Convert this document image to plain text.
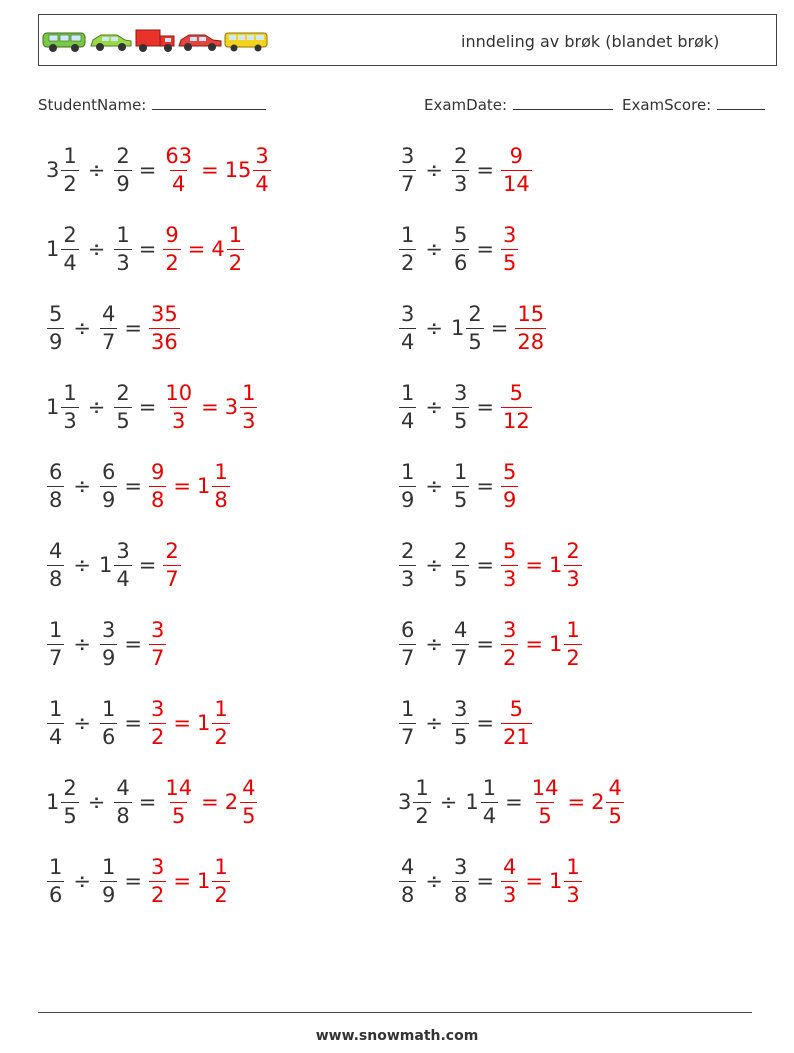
inndeling av brøk (blandet brøk)
StudentName:	ExamDate:	ExamScore:
$3 \frac{1}{2} \div \frac{2}{9} = \frac{63}{4} = 15 \frac{3}{4}$	$\frac{3}{7} \div \frac{2}{3} = \frac{9}{14}$
$1 \frac{2}{4} \div \frac{1}{3} = \frac{9}{2} = 4 \frac{1}{2}$	$\frac{1}{2} \div \frac{5}{6} = \frac{3}{5}$
$\frac{5}{9} \div \frac{4}{7} = \frac{35}{36}$	$\frac{3}{4} \div 1 \frac{2}{5} = \frac{15}{28}$
$1 \frac{1}{3} \div \frac{2}{5} = \frac{10}{3} = 3 \frac{1}{3}$	$\frac{1}{4} \div \frac{3}{5} = \frac{5}{12}$
$\frac{6}{8} \div \frac{6}{9} = \frac{9}{8} = 1 \frac{1}{8}$	$\frac{1}{9} \div \frac{1}{5} = \frac{5}{9}$
$\frac{4}{8} \div 1 \frac{3}{4} = \frac{2}{7}$	$\frac{2}{3} \div \frac{2}{5} = \frac{5}{3} = 1 \frac{2}{3}$
$\frac{1}{7} \div \frac{3}{9} = \frac{3}{7}$	$\frac{6}{7} \div \frac{4}{7} = \frac{3}{2} = 1 \frac{1}{2}$
$\frac{1}{4} \div \frac{1}{6} = \frac{3}{2} = 1 \frac{1}{2}$	$\frac{1}{7} \div \frac{3}{5} = \frac{5}{21}$
$1 \frac{2}{5} \div \frac{4}{8} = \frac{14}{5} = 2 \frac{4}{5}$	$3 \frac{1}{2} \div 1 \frac{1}{4} = \frac{14}{5} = 2 \frac{4}{5}$
$\frac{1}{6} \div \frac{1}{9} = \frac{3}{2} = 1 \frac{1}{2}$	$\frac{4}{8} \div \frac{3}{8} = \frac{4}{3} = 1 \frac{1}{3}$
www.snowmath.com
